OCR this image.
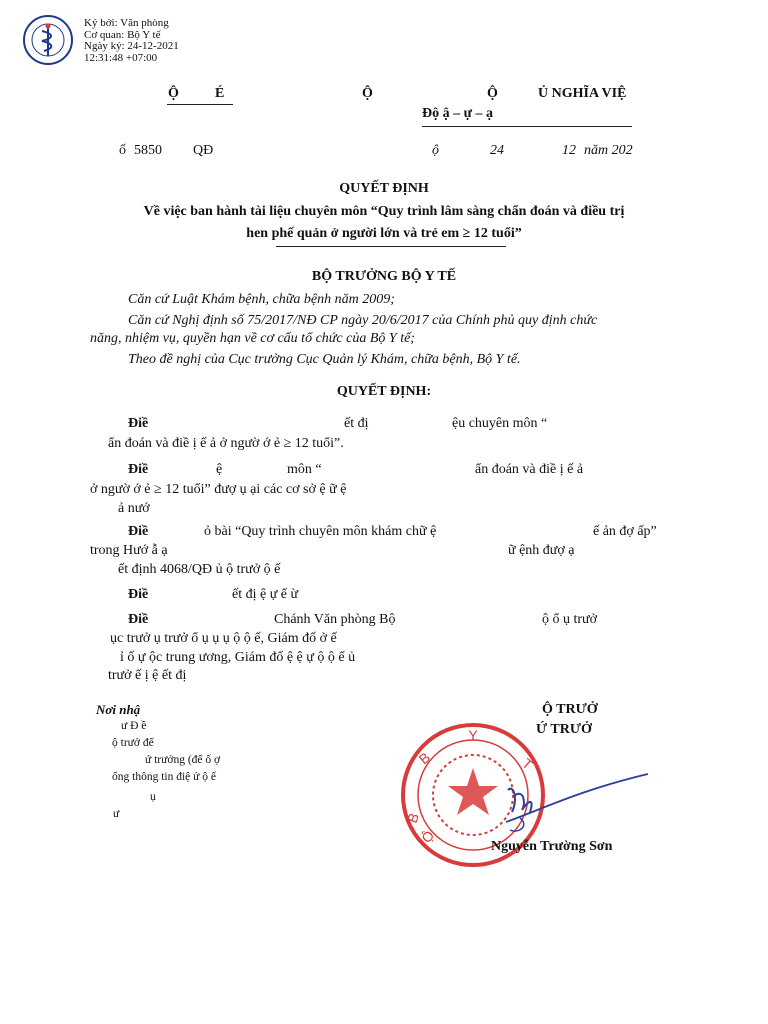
Ký bởi: Văn phòng
Cơ quan: Bộ Y tế
Ngày ký: 24-12-2021
12:31:48 +07:00
Ộ	É	Ộ	Ộ	Ủ NGHĨA VIỆ
Độ ậ – ự – ạ
ố 5850 QĐ	ộ	24	12 năm 202
QUYẾT ĐỊNH
Về việc ban hành tài liệu chuyên môn “Quy trình lâm sàng chẩn đoán và điều trị
hen phế quản ở người lớn và trẻ em ≥ 12 tuổi”
BỘ TRƯỞNG BỘ Y TẾ
Căn cứ Luật Khám bệnh, chữa bệnh năm 2009;
Căn cứ Nghị định số 75/2017/NĐ CP ngày 20/6/2017 của Chính phủ quy định chức
năng, nhiệm vụ, quyền hạn về cơ cấu tổ chức của Bộ Y tế;
Theo đề nghị của Cục trưởng Cục Quản lý Khám, chữa bệnh, Bộ Y tế.
QUYẾT ĐỊNH:
Điề	ết đị	ệu chuyên môn “
ẩn đoán và điề ị ế ả ở ngườ ớ ẻ ≥ 12 tuổi”.
Điề	ệ	môn “	ẩn đoán và điề ị ế ả
ở ngườ ớ ẻ ≥ 12 tuổi” đượ ụ ại các cơ sở ệ ữ ệ
ả nướ
Điề	ỏ bài “Quy trình chuyên môn khám chữ ệ	ế ản đợ ấp”
trong Hướ ẫ ạ	ữ ệnh đượ ạ
ết định 4068/QĐ ủ ộ trưở ộ ế
Điề	ết đị ệ ự ể ừ
Điề	Chánh Văn phòng Bộ	ộ ổ ụ trưở
ục trưở ụ trưở ổ ụ ụ ụ ộ ộ ế, Giám đố ở ế
ỉ ố ự ộc trung ương, Giám đố ệ ệ ự ộ ộ ế ủ
trưở ế ị ệ ết đị
Nơi nhậ
ư Đ ề
ộ trưở để
ứ trưởng (để ố ợ
ổng thông tin điệ ử ộ ế
ụ
ư
Ộ TRƯỞ
Ứ TRƯỞ
B
Y
T
B
Ộ
Nguyễn Trường Sơn
